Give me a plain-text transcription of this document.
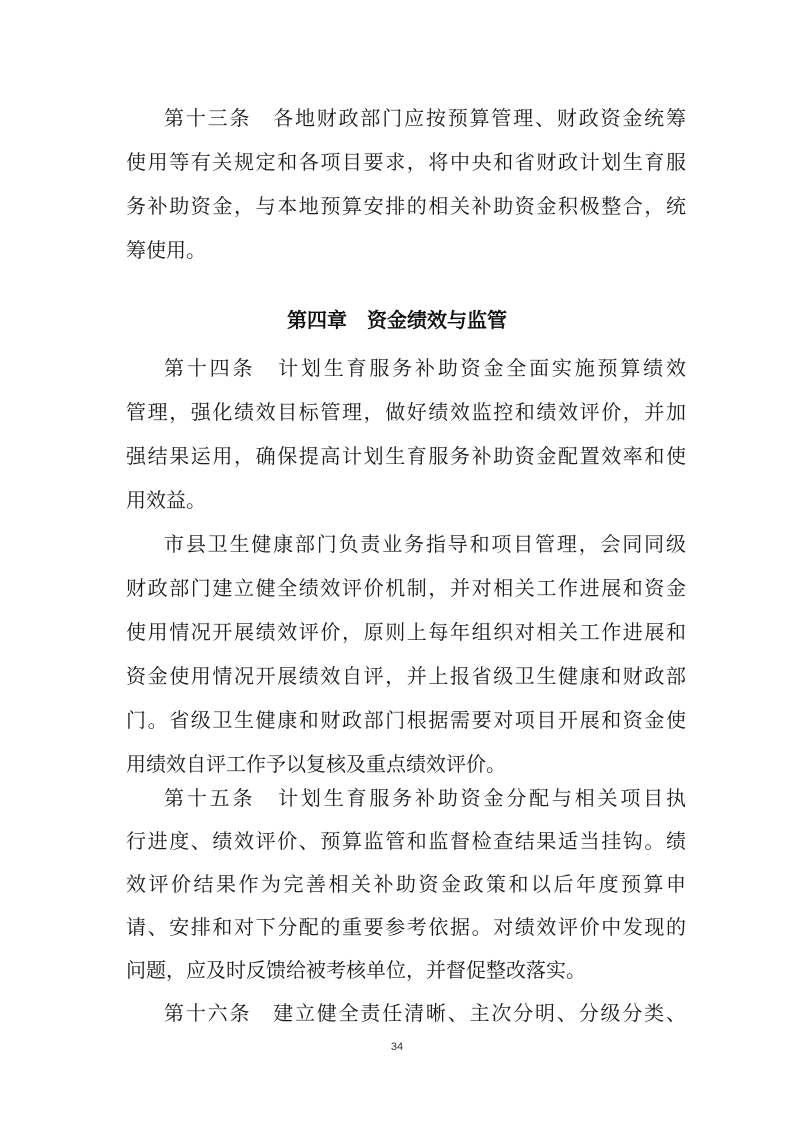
第十三条　各地财政部门应按预算管理、财政资金统筹
使用等有关规定和各项目要求，将中央和省财政计划生育服
务补助资金，与本地预算安排的相关补助资金积极整合，统
筹使用。
第四章　资金绩效与监管
第十四条　计划生育服务补助资金全面实施预算绩效
管理，强化绩效目标管理，做好绩效监控和绩效评价，并加
强结果运用，确保提高计划生育服务补助资金配置效率和使
用效益。
市县卫生健康部门负责业务指导和项目管理，会同同级
财政部门建立健全绩效评价机制，并对相关工作进展和资金
使用情况开展绩效评价，原则上每年组织对相关工作进展和
资金使用情况开展绩效自评，并上报省级卫生健康和财政部
门。省级卫生健康和财政部门根据需要对项目开展和资金使
用绩效自评工作予以复核及重点绩效评价。
第十五条　计划生育服务补助资金分配与相关项目执
行进度、绩效评价、预算监管和监督检查结果适当挂钩。绩
效评价结果作为完善相关补助资金政策和以后年度预算申
请、安排和对下分配的重要参考依据。对绩效评价中发现的
问题，应及时反馈给被考核单位，并督促整改落实。
第十六条　建立健全责任清晰、主次分明、分级分类、
34
